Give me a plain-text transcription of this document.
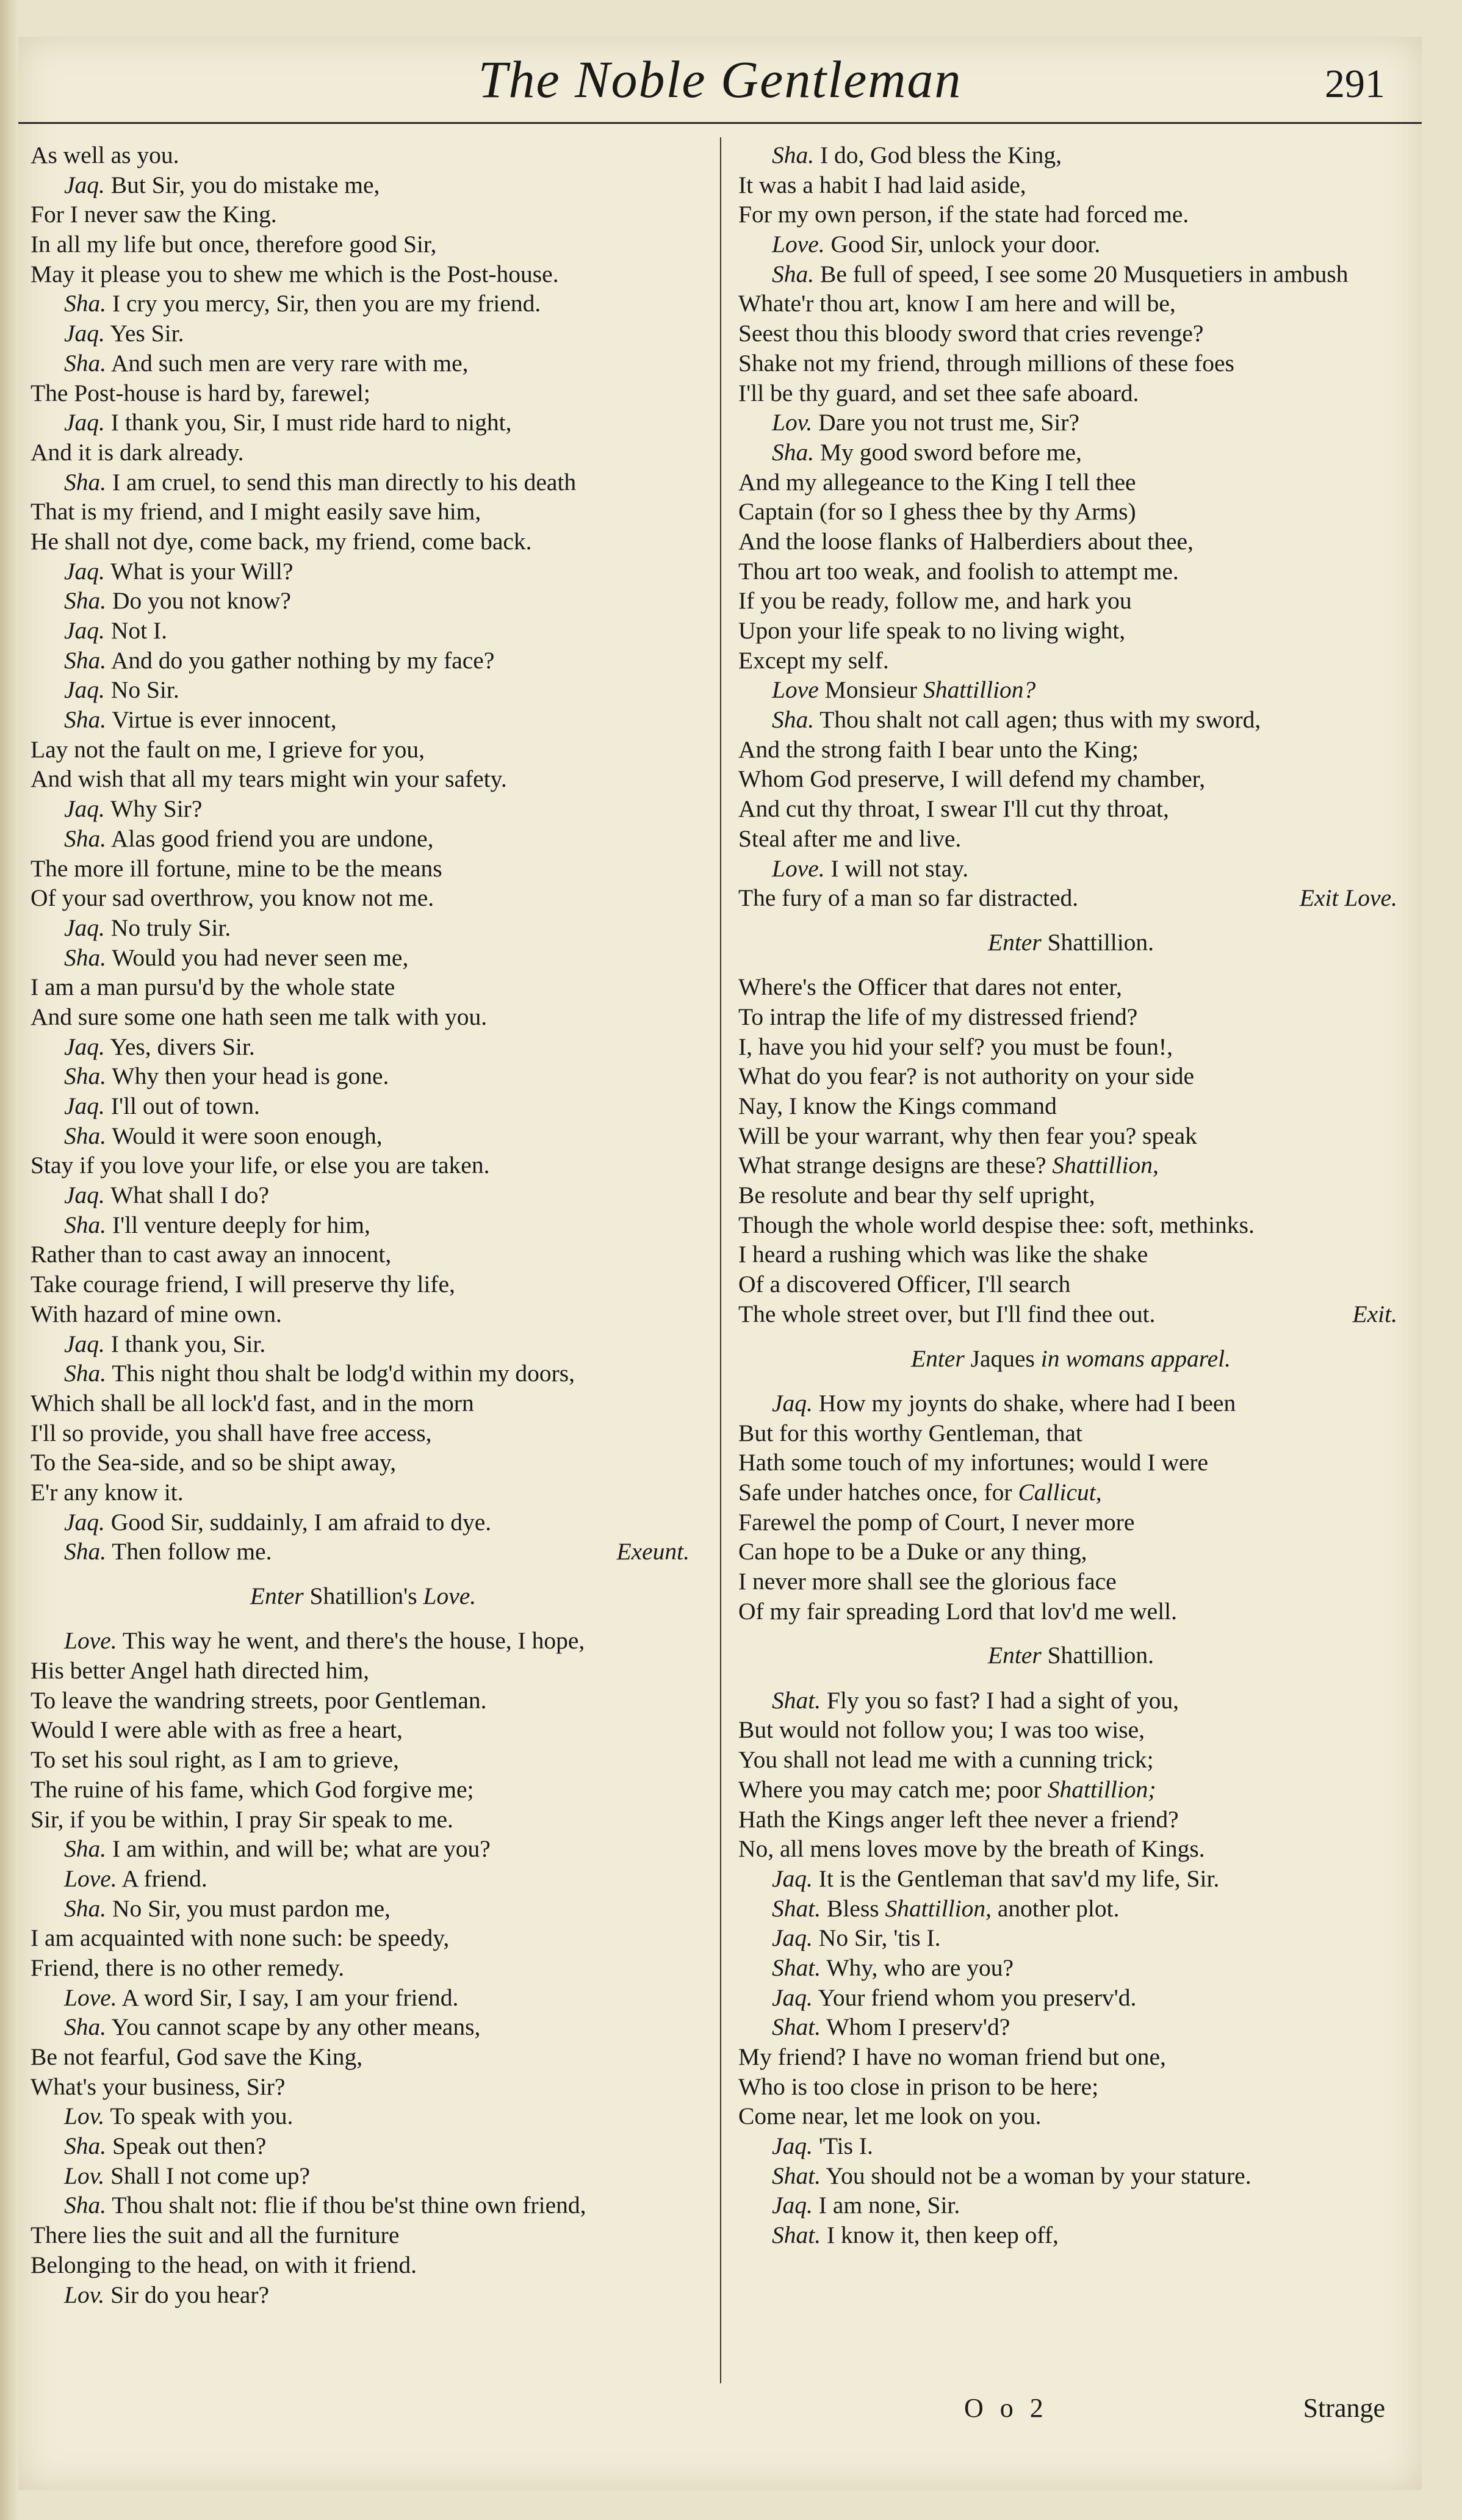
The Noble Gentleman	291
As well as you.
Jaq. But Sir, you do mistake me,
For I never saw the King.
In all my life but once, therefore good Sir,
May it please you to shew me which is the Post-house.
Sha. I cry you mercy, Sir, then you are my friend.
Jaq. Yes Sir.
Sha. And such men are very rare with me,
The Post-house is hard by, farewel;
Jaq. I thank you, Sir, I must ride hard to night,
And it is dark already.
Sha. I am cruel, to send this man directly to his death
That is my friend, and I might easily save him,
He shall not dye, come back, my friend, come back.
Jaq. What is your Will?
Sha. Do you not know?
Jaq. Not I.
Sha. And do you gather nothing by my face?
Jaq. No Sir.
Sha. Virtue is ever innocent,
Lay not the fault on me, I grieve for you,
And wish that all my tears might win your safety.
Jaq. Why Sir?
Sha. Alas good friend you are undone,
The more ill fortune, mine to be the means
Of your sad overthrow, you know not me.
Jaq. No truly Sir.
Sha. Would you had never seen me,
I am a man pursu'd by the whole state
And sure some one hath seen me talk with you.
Jaq. Yes, divers Sir.
Sha. Why then your head is gone.
Jaq. I'll out of town.
Sha. Would it were soon enough,
Stay if you love your life, or else you are taken.
Jaq. What shall I do?
Sha. I'll venture deeply for him,
Rather than to cast away an innocent,
Take courage friend, I will preserve thy life,
With hazard of mine own.
Jaq. I thank you, Sir.
Sha. This night thou shalt be lodg'd within my doors,
Which shall be all lock'd fast, and in the morn
I'll so provide, you shall have free access,
To the Sea-side, and so be shipt away,
E'r any know it.
Jaq. Good Sir, suddainly, I am afraid to dye.
Sha. Then follow me.	Exeunt.
Enter Shatillion's Love.
Love. This way he went, and there's the house, I hope,
His better Angel hath directed him,
To leave the wandring streets, poor Gentleman.
Would I were able with as free a heart,
To set his soul right, as I am to grieve,
The ruine of his fame, which God forgive me;
Sir, if you be within, I pray Sir speak to me.
Sha. I am within, and will be; what are you?
Love. A friend.
Sha. No Sir, you must pardon me,
I am acquainted with none such: be speedy,
Friend, there is no other remedy.
Love. A word Sir, I say, I am your friend.
Sha. You cannot scape by any other means,
Be not fearful, God save the King,
What's your business, Sir?
Lov. To speak with you.
Sha. Speak out then?
Lov. Shall I not come up?
Sha. Thou shalt not: flie if thou be'st thine own friend,
There lies the suit and all the furniture
Belonging to the head, on with it friend.
Lov. Sir do you hear?
Sha. I do, God bless the King,
It was a habit I had laid aside,
For my own person, if the state had forced me.
Love. Good Sir, unlock your door.
Sha. Be full of speed, I see some 20 Musquetiers in ambush
Whate'r thou art, know I am here and will be,
Seest thou this bloody sword that cries revenge?
Shake not my friend, through millions of these foes
I'll be thy guard, and set thee safe aboard.
Lov. Dare you not trust me, Sir?
Sha. My good sword before me,
And my allegeance to the King I tell thee
Captain (for so I ghess thee by thy Arms)
And the loose flanks of Halberdiers about thee,
Thou art too weak, and foolish to attempt me.
If you be ready, follow me, and hark you
Upon your life speak to no living wight,
Except my self.
Love Monsieur Shattillion?
Sha. Thou shalt not call agen; thus with my sword,
And the strong faith I bear unto the King;
Whom God preserve, I will defend my chamber,
And cut thy throat, I swear I'll cut thy throat,
Steal after me and live.
Love. I will not stay.
The fury of a man so far distracted.	Exit Love.
Enter Shattillion.
Where's the Officer that dares not enter,
To intrap the life of my distressed friend?
I, have you hid your self? you must be foun!,
What do you fear? is not authority on your side
Nay, I know the Kings command
Will be your warrant, why then fear you? speak
What strange designs are these? Shattillion,
Be resolute and bear thy self upright,
Though the whole world despise thee: soft, methinks.
I heard a rushing which was like the shake
Of a discovered Officer, I'll search
The whole street over, but I'll find thee out.	Exit.
Enter Jaques in womans apparel.
Jaq. How my joynts do shake, where had I been
But for this worthy Gentleman, that
Hath some touch of my infortunes; would I were
Safe under hatches once, for Callicut,
Farewel the pomp of Court, I never more
Can hope to be a Duke or any thing,
I never more shall see the glorious face
Of my fair spreading Lord that lov'd me well.
Enter Shattillion.
Shat. Fly you so fast? I had a sight of you,
But would not follow you; I was too wise,
You shall not lead me with a cunning trick;
Where you may catch me; poor Shattillion;
Hath the Kings anger left thee never a friend?
No, all mens loves move by the breath of Kings.
Jaq. It is the Gentleman that sav'd my life, Sir.
Shat. Bless Shattillion, another plot.
Jaq. No Sir, 'tis I.
Shat. Why, who are you?
Jaq. Your friend whom you preserv'd.
Shat. Whom I preserv'd?
My friend? I have no woman friend but one,
Who is too close in prison to be here;
Come near, let me look on you.
Jaq. 'Tis I.
Shat. You should not be a woman by your stature.
Jaq. I am none, Sir.
Shat. I know it, then keep off,
O o 2	Strange
